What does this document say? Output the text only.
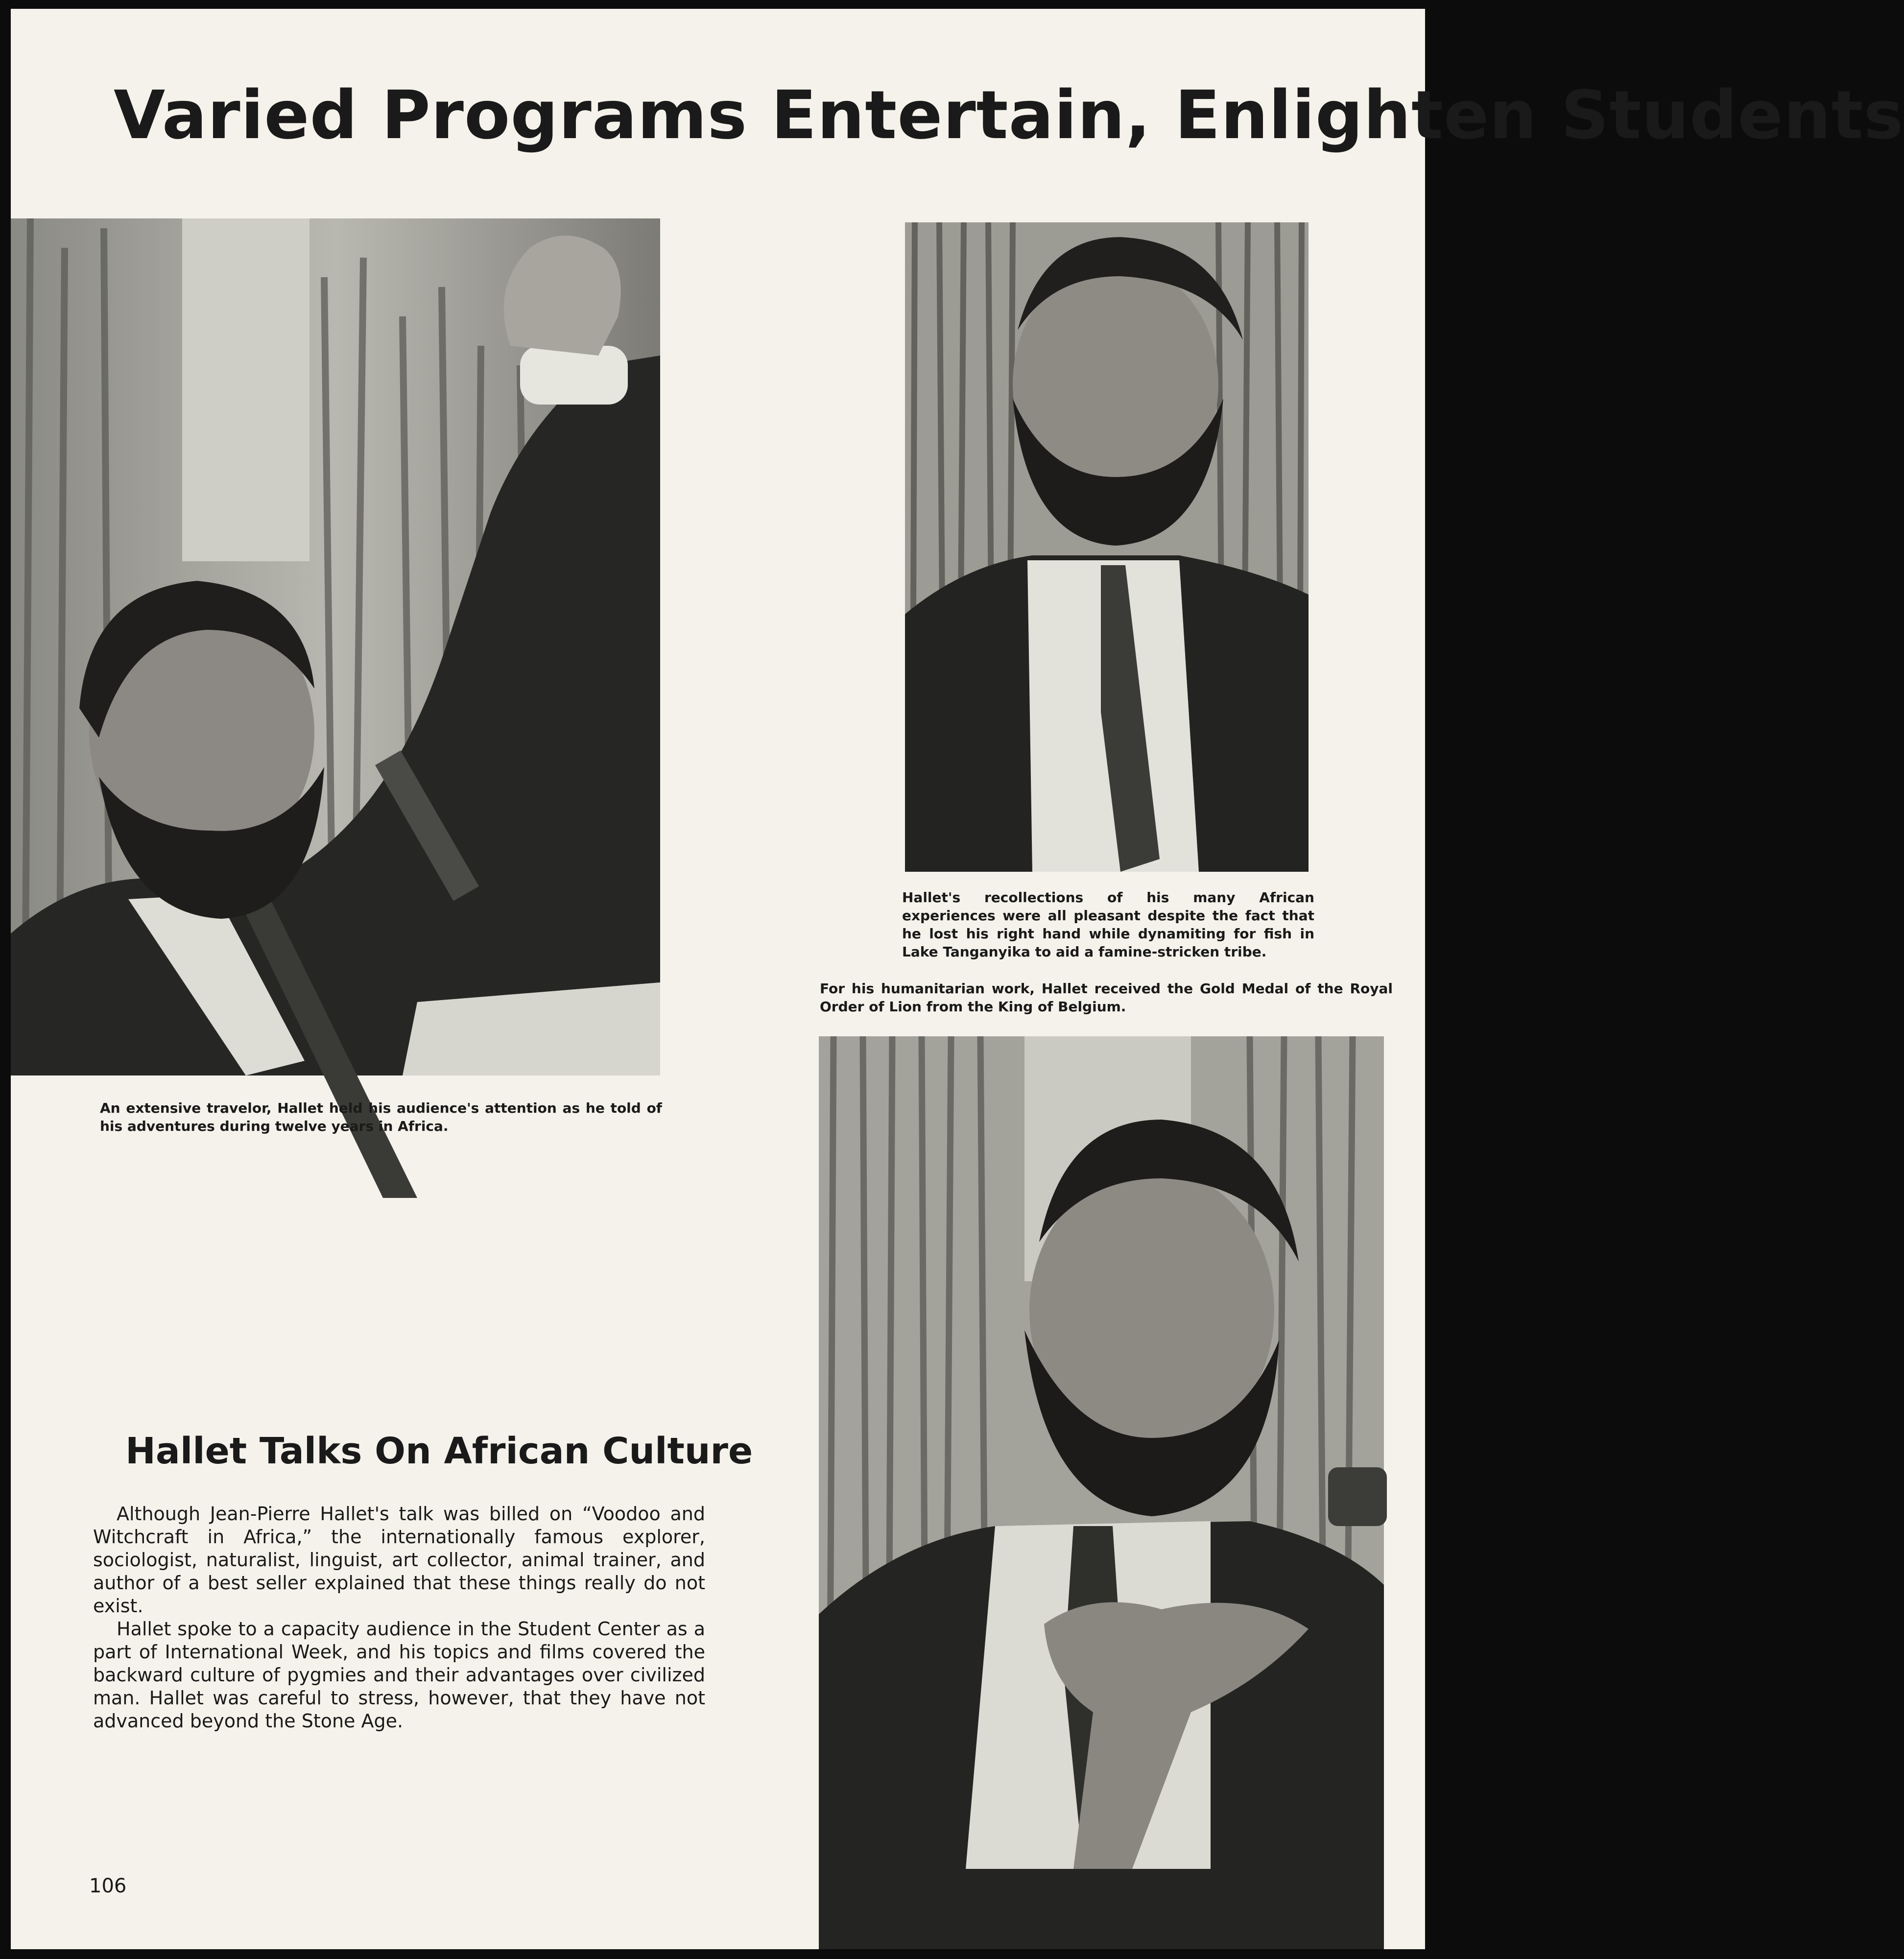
Varied Programs Entertain, Enlighten Students

An extensive travelor, Hallet held his audience's attention as he told of his adventures during twelve years in Africa.

Hallet's recollections of his many African experiences were all pleasant despite the fact that he lost his right hand while dynamiting for fish in Lake Tanganyika to aid a famine-stricken tribe.

For his humanitarian work, Hallet received the Gold Medal of the Royal Order of Lion from the King of Belgium.

Hallet Talks On African Culture

Although Jean-Pierre Hallet's talk was billed on “Voodoo and Witchcraft in Africa,” the internationally famous explorer, sociologist, naturalist, linguist, art collector, animal trainer, and author of a best seller explained that these things really do not exist.

Hallet spoke to a capacity audience in the Student Center as a part of International Week, and his topics and films covered the backward culture of pygmies and their advantages over civilized man. Hallet was careful to stress, however, that they have not advanced beyond the Stone Age.

106
